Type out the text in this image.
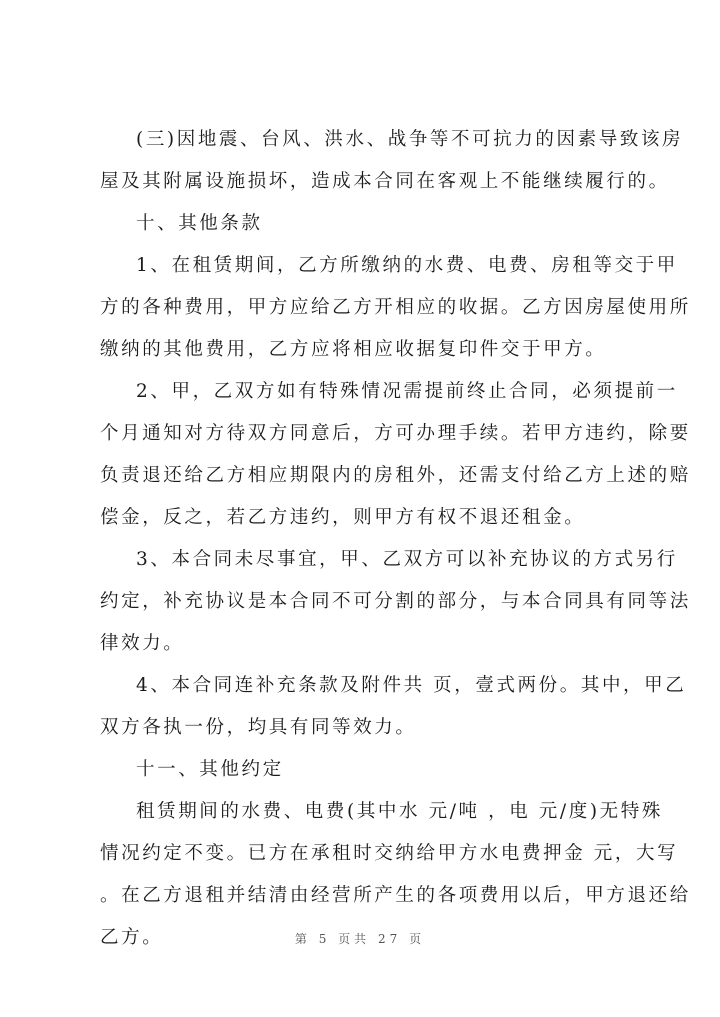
(三)因地震、台风、洪水、战争等不可抗力的因素导致该房
屋及其附属设施损坏，造成本合同在客观上不能继续履行的。
十、其他条款
1、在租赁期间，乙方所缴纳的水费、电费、房租等交于甲
方的各种费用，甲方应给乙方开相应的收据。乙方因房屋使用所
缴纳的其他费用，乙方应将相应收据复印件交于甲方。
2、甲，乙双方如有特殊情况需提前终止合同，必须提前一
个月通知对方待双方同意后，方可办理手续。若甲方违约，除要
负责退还给乙方相应期限内的房租外，还需支付给乙方上述的赔
偿金，反之，若乙方违约，则甲方有权不退还租金。
3、本合同未尽事宜，甲、乙双方可以补充协议的方式另行
约定，补充协议是本合同不可分割的部分，与本合同具有同等法
律效力。
4、本合同连补充条款及附件共 页，壹式两份。其中，甲乙
双方各执一份，均具有同等效力。
十一、其他约定
租赁期间的水费、电费(其中水 元/吨 ，电 元/度)无特殊
情况约定不变。已方在承租时交纳给甲方水电费押金 元，大写
。在乙方退租并结清由经营所产生的各项费用以后，甲方退还给
乙方。	第 5 页共 27 页
